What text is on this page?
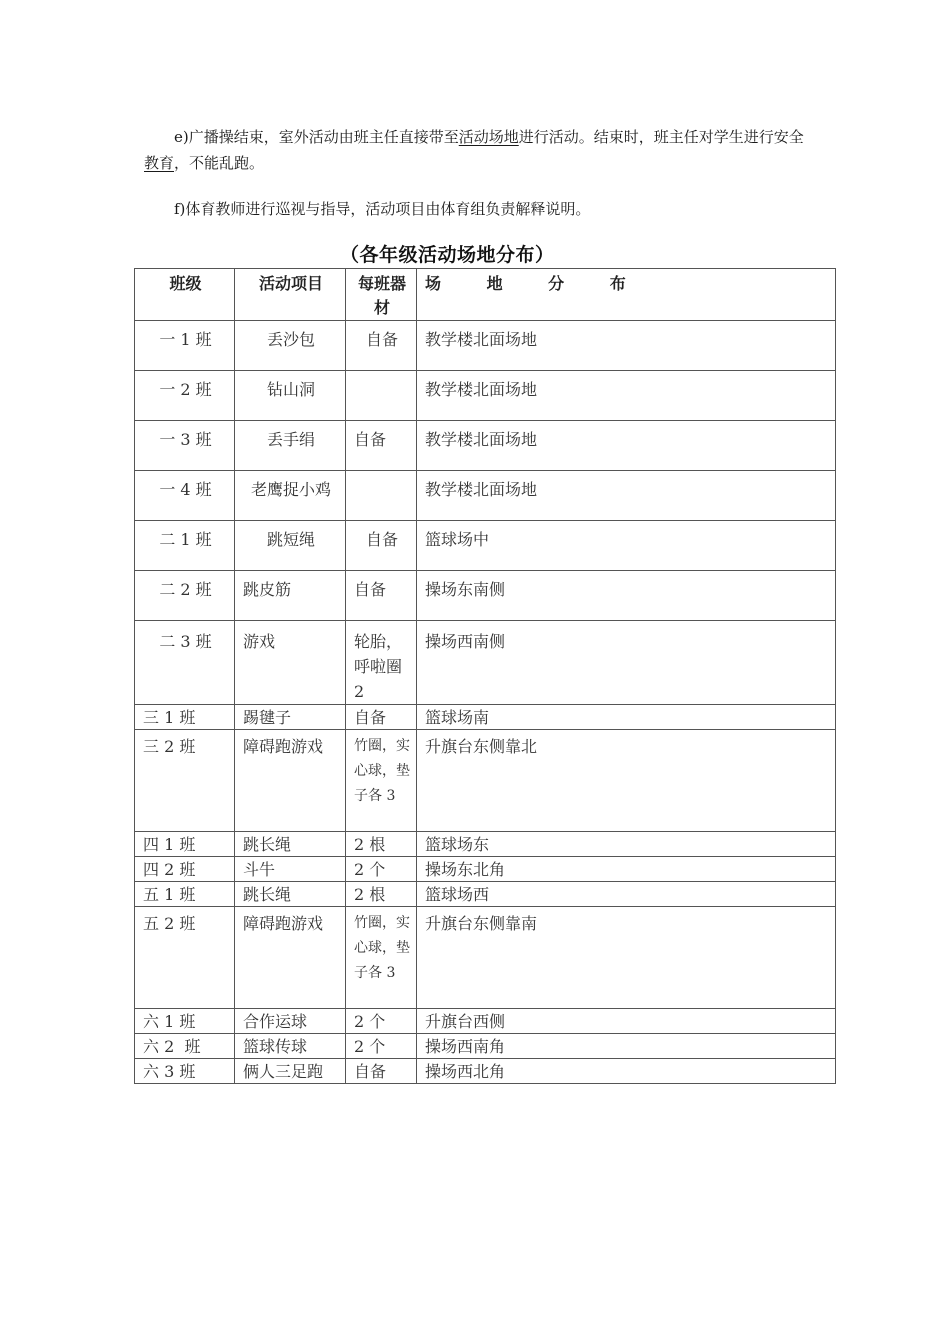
e)广播操结束，室外活动由班主任直接带至活动场地进行活动。结束时，班主任对学生进行安全教育，不能乱跑。
f)体育教师进行巡视与指导，活动项目由体育组负责解释说明。
（各年级活动场地分布）
班级	活动项目	每班器材	场 地 分 布
一 1 班	丢沙包	自备	教学楼北面场地
一 2 班	钻山洞		教学楼北面场地
一 3 班	丢手绢	自备	教学楼北面场地
一 4 班	老鹰捉小鸡		教学楼北面场地
二 1 班	跳短绳	自备	篮球场中
二 2 班	跳皮筋	自备	操场东南侧
二 3 班	游戏	轮胎，呼啦圈 2	操场西南侧
三 1 班	踢毽子	自备	篮球场南
三 2 班	障碍跑游戏	竹圈，实心球，垫子各 3	升旗台东侧靠北
四 1 班	跳长绳	2 根	篮球场东
四 2 班	斗牛	2 个	操场东北角
五 1 班	跳长绳	2 根	篮球场西
五 2 班	障碍跑游戏	竹圈，实心球，垫子各 3	升旗台东侧靠南
六 1 班	合作运球	2 个	升旗台西侧
六 2  班	篮球传球	2 个	操场西南角
六 3 班	俩人三足跑	自备	操场西北角
